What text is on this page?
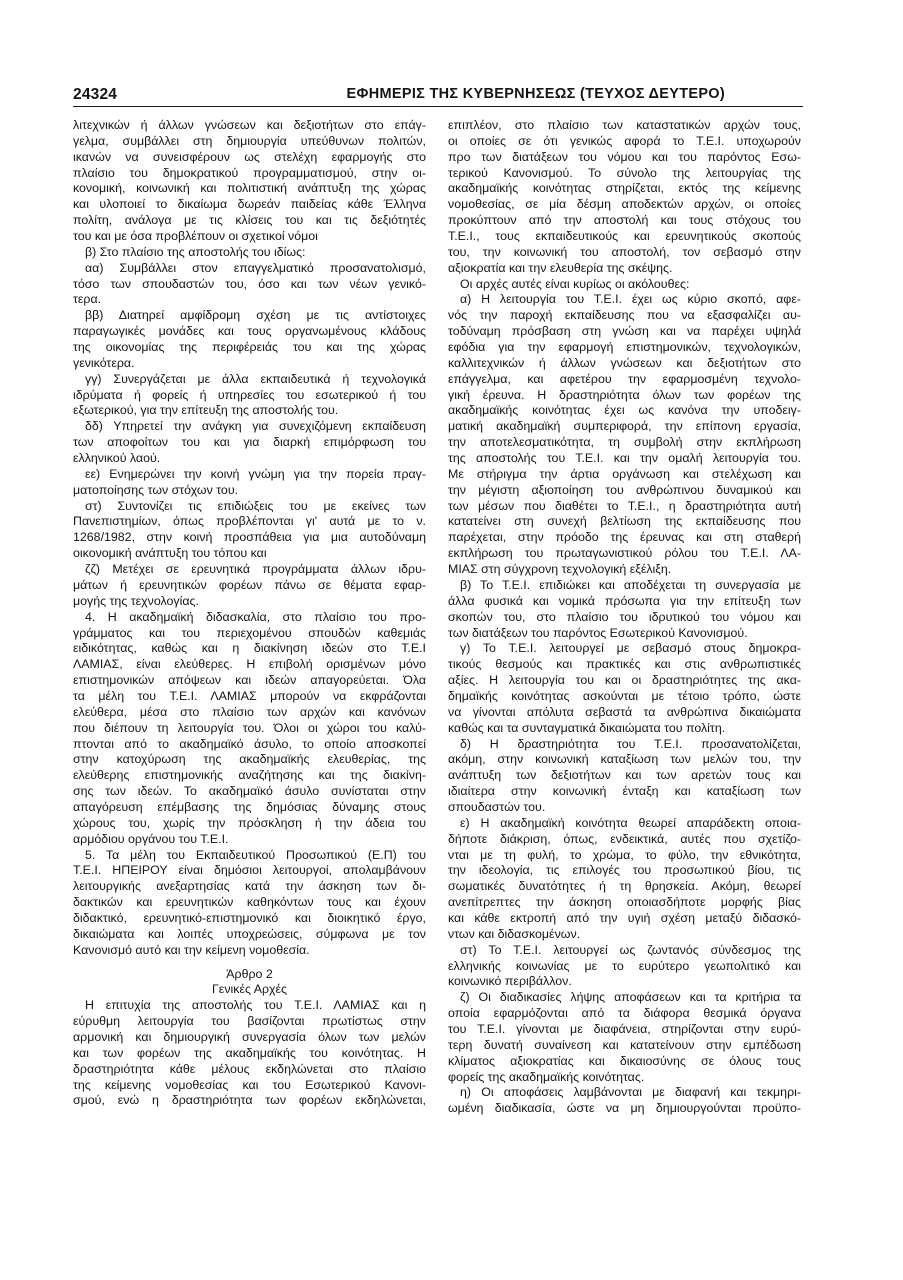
24324	ΕΦΗΜΕΡΙΣ ΤΗΣ ΚΥΒΕΡΝΗΣΕΩΣ (ΤΕΥΧΟΣ ΔΕΥΤΕΡΟ)
λιτεχνικών ή άλλων γνώσεων και δεξιοτήτων στο επάγ-
γελμα, συμβάλλει στη δημιουργία υπεύθυνων πολιτών,
ικανών να συνεισφέρουν ως στελέχη εφαρμογής στο
πλαίσιο του δημοκρατικού προγραμματισμού, στην οι-
κονομική, κοινωνική και πολιτιστική ανάπτυξη της χώρας
και υλοποιεί το δικαίωμα δωρεάν παιδείας κάθε Έλληνα
πολίτη, ανάλογα με τις κλίσεις του και τις δεξιότητές
του και με όσα προβλέπουν οι σχετικοί νόμοι
β) Στο πλαίσιο της αποστολής του ιδίως:
αα) Συμβάλλει στον επαγγελματικό προσανατολισμό,
τόσο των σπουδαστών του, όσο και των νέων γενικό-
τερα.
ββ) Διατηρεί αμφίδρομη σχέση με τις αντίστοιχες
παραγωγικές μονάδες και τους οργανωμένους κλάδους
της οικονομίας της περιφέρειάς του και της χώρας
γενικότερα.
γγ) Συνεργάζεται με άλλα εκπαιδευτικά ή τεχνολογικά
ιδρύματα ή φορείς ή υπηρεσίες του εσωτερικού ή του
εξωτερικού, για την επίτευξη της αποστολής του.
δδ) Υπηρετεί την ανάγκη για συνεχιζόμενη εκπαίδευση
των αποφοίτων του και για διαρκή επιμόρφωση του
ελληνικού λαού.
εε) Ενημερώνει την κοινή γνώμη για την πορεία πραγ-
ματοποίησης των στόχων του.
στ) Συντονίζει τις επιδιώξεις του με εκείνες των
Πανεπιστημίων, όπως προβλέπονται γι' αυτά με το ν.
1268/1982, στην κοινή προσπάθεια για μια αυτοδύναμη
οικονομική ανάπτυξη του τόπου και
ζζ) Μετέχει σε ερευνητικά προγράμματα άλλων ιδρυ-
μάτων ή ερευνητικών φορέων πάνω σε θέματα εφαρ-
μογής της τεχνολογίας.
4. Η ακαδημαϊκή διδασκαλία, στο πλαίσιο του προ-
γράμματος και του περιεχομένου σπουδών καθεμιάς
ειδικότητας, καθώς και η διακίνηση ιδεών στο Τ.Ε.Ι
ΛΑΜΙΑΣ, είναι ελεύθερες. Η επιβολή ορισμένων μόνο
επιστημονικών απόψεων και ιδεών απαγορεύεται. Όλα
τα μέλη του Τ.Ε.Ι. ΛΑΜΙΑΣ μπορούν να εκφράζονται
ελεύθερα, μέσα στο πλαίσιο των αρχών και κανόνων
που διέπουν τη λειτουργία του. Όλοι οι χώροι του καλύ-
πτονται από το ακαδημαϊκό άσυλο, το οποίο αποσκοπεί
στην κατοχύρωση της ακαδημαϊκής ελευθερίας, της
ελεύθερης επιστημονικής αναζήτησης και της διακίνη-
σης των ιδεών. Το ακαδημαϊκό άσυλο συνίσταται στην
απαγόρευση επέμβασης της δημόσιας δύναμης στους
χώρους του, χωρίς την πρόσκληση ή την άδεια του
αρμόδιου οργάνου του Τ.Ε.Ι.
5. Τα μέλη του Εκπαιδευτικού Προσωπικού (Ε.Π) του
Τ.Ε.Ι. ΗΠΕΙΡΟΥ είναι δημόσιοι λειτουργοί, απολαμβάνουν
λειτουργικής ανεξαρτησίας κατά την άσκηση των δι-
δακτικών και ερευνητικών καθηκόντων τους και έχουν
διδακτικό, ερευνητικό-επιστημονικό και διοικητικό έργο,
δικαιώματα και λοιπές υποχρεώσεις, σύμφωνα με τον
Κανονισμό αυτό και την κείμενη νομοθεσία.
Άρθρο 2
Γενικές Αρχές
Η επιτυχία της αποστολής του Τ.Ε.Ι. ΛΑΜΙΑΣ και η
εύρυθμη λειτουργία του βασίζονται πρωτίστως στην
αρμονική και δημιουργική συνεργασία όλων των μελών
και των φορέων της ακαδημαϊκής του κοινότητας. Η
δραστηριότητα κάθε μέλους εκδηλώνεται στο πλαίσιο
της κείμενης νομοθεσίας και του Εσωτερικού Κανονι-
σμού, ενώ η δραστηριότητα των φορέων εκδηλώνεται,
επιπλέον, στο πλαίσιο των καταστατικών αρχών τους,
οι οποίες σε ότι γενικώς αφορά το Τ.Ε.Ι. υποχωρούν
προ των διατάξεων του νόμου και του παρόντος Εσω-
τερικού Κανονισμού. Το σύνολο της λειτουργίας της
ακαδημαϊκής κοινότητας στηρίζεται, εκτός της κείμενης
νομοθεσίας, σε μία δέσμη αποδεκτών αρχών, οι οποίες
προκύπτουν από την αποστολή και τους στόχους του
Τ.Ε.Ι., τους εκπαιδευτικούς και ερευνητικούς σκοπούς
του, την κοινωνική του αποστολή, τον σεβασμό στην
αξιοκρατία και την ελευθερία της σκέψης.
Οι αρχές αυτές είναι κυρίως οι ακόλουθες:
α) Η λειτουργία του Τ.Ε.Ι. έχει ως κύριο σκοπό, αφε-
νός την παροχή εκπαίδευσης που να εξασφαλίζει αυ-
τοδύναμη πρόσβαση στη γνώση και να παρέχει υψηλά
εφόδια για την εφαρμογή επιστημονικών, τεχνολογικών,
καλλιτεχνικών ή άλλων γνώσεων και δεξιοτήτων στο
επάγγελμα, και αφετέρου την εφαρμοσμένη τεχνολο-
γική έρευνα. Η δραστηριότητα όλων των φορέων της
ακαδημαϊκής κοινότητας έχει ως κανόνα την υποδειγ-
ματική ακαδημαϊκή συμπεριφορά, την επίπονη εργασία,
την αποτελεσματικότητα, τη συμβολή στην εκπλήρωση
της αποστολής του Τ.Ε.Ι. και την ομαλή λειτουργία του.
Με στήριγμα την άρτια οργάνωση και στελέχωση και
την μέγιστη αξιοποίηση του ανθρώπινου δυναμικού και
των μέσων που διαθέτει το Τ.Ε.Ι., η δραστηριότητα αυτή
κατατείνει στη συνεχή βελτίωση της εκπαίδευσης που
παρέχεται, στην πρόοδο της έρευνας και στη σταθερή
εκπλήρωση του πρωταγωνιστικού ρόλου του Τ.Ε.Ι. ΛΑ-
ΜΙΑΣ στη σύγχρονη τεχνολογική εξέλιξη.
β) Το Τ.Ε.Ι. επιδιώκει και αποδέχεται τη συνεργασία με
άλλα φυσικά και νομικά πρόσωπα για την επίτευξη των
σκοπών του, στο πλαίσιο του ιδρυτικού του νόμου και
των διατάξεων του παρόντος Εσωτερικού Κανονισμού.
γ) Το Τ.Ε.Ι. λειτουργεί με σεβασμό στους δημοκρα-
τικούς θεσμούς και πρακτικές και στις ανθρωπιστικές
αξίες. Η λειτουργία του και οι δραστηριότητες της ακα-
δημαϊκής κοινότητας ασκούνται με τέτοιο τρόπο, ώστε
να γίνονται απόλυτα σεβαστά τα ανθρώπινα δικαιώματα
καθώς και τα συνταγματικά δικαιώματα του πολίτη.
δ) Η δραστηριότητα του Τ.Ε.Ι. προσανατολίζεται,
ακόμη, στην κοινωνική καταξίωση των μελών του, την
ανάπτυξη των δεξιοτήτων και των αρετών τους και
ιδιαίτερα στην κοινωνική ένταξη και καταξίωση των
σπουδαστών του.
ε) Η ακαδημαϊκή κοινότητα θεωρεί απαράδεκτη οποια-
δήποτε διάκριση, όπως, ενδεικτικά, αυτές που σχετίζο-
νται με τη φυλή, το χρώμα, το φύλο, την εθνικότητα,
την ιδεολογία, τις επιλογές του προσωπικού βίου, τις
σωματικές δυνατότητες ή τη θρησκεία. Ακόμη, θεωρεί
ανεπίτρεπτες την άσκηση οποιασδήποτε μορφής βίας
και κάθε εκτροπή από την υγιή σχέση μεταξύ διδασκό-
ντων και διδασκομένων.
στ) Το Τ.Ε.Ι. λειτουργεί ως ζωντανός σύνδεσμος της
ελληνικής κοινωνίας με το ευρύτερο γεωπολιτικό και
κοινωνικό περιβάλλον.
ζ) Οι διαδικασίες λήψης αποφάσεων και τα κριτήρια τα
οποία εφαρμόζονται από τα διάφορα θεσμικά όργανα
του Τ.Ε.Ι. γίνονται με διαφάνεια, στηρίζονται στην ευρύ-
τερη δυνατή συναίνεση και κατατείνουν στην εμπέδωση
κλίματος αξιοκρατίας και δικαιοσύνης σε όλους τους
φορείς της ακαδημαϊκής κοινότητας.
η) Οι αποφάσεις λαμβάνονται με διαφανή και τεκμηρι-
ωμένη διαδικασία, ώστε να μη δημιουργούνται προϋπο-
